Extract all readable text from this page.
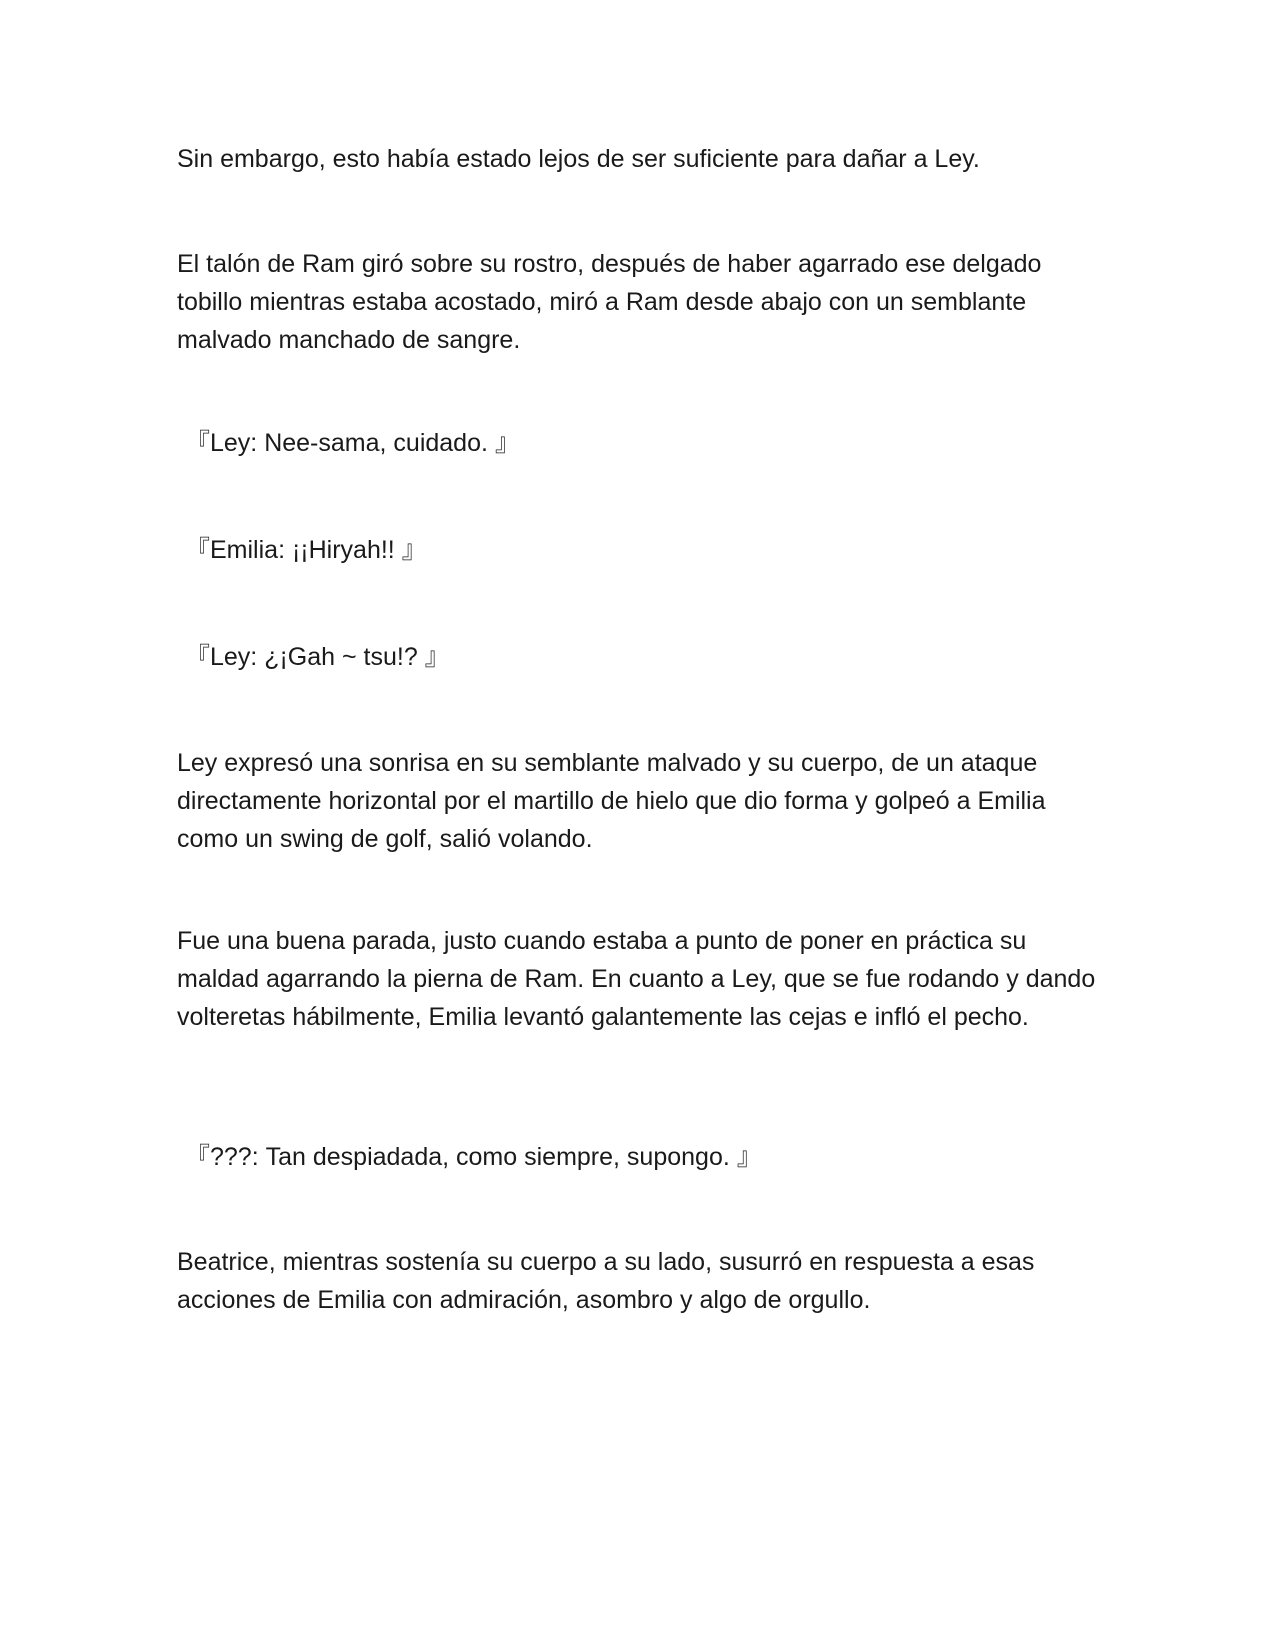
Sin embargo, esto había estado lejos de ser suficiente para dañar a Ley.

El talón de Ram giró sobre su rostro, después de haber agarrado ese delgado tobillo mientras estaba acostado, miró a Ram desde abajo con un semblante malvado manchado de sangre.

『Ley: Nee-sama, cuidado. 』

『Emilia: ¡¡Hiryah!! 』

『Ley: ¿¡Gah ~ tsu!? 』

Ley expresó una sonrisa en su semblante malvado y su cuerpo, de un ataque directamente horizontal por el martillo de hielo que dio forma y golpeó a Emilia como un swing de golf, salió volando.

Fue una buena parada, justo cuando estaba a punto de poner en práctica su maldad agarrando la pierna de Ram. En cuanto a Ley, que se fue rodando y dando volteretas hábilmente, Emilia levantó galantemente las cejas e infló el pecho.

『???: Tan despiadada, como siempre, supongo. 』

Beatrice, mientras sostenía su cuerpo a su lado, susurró en respuesta a esas acciones de Emilia con admiración, asombro y algo de orgullo.
